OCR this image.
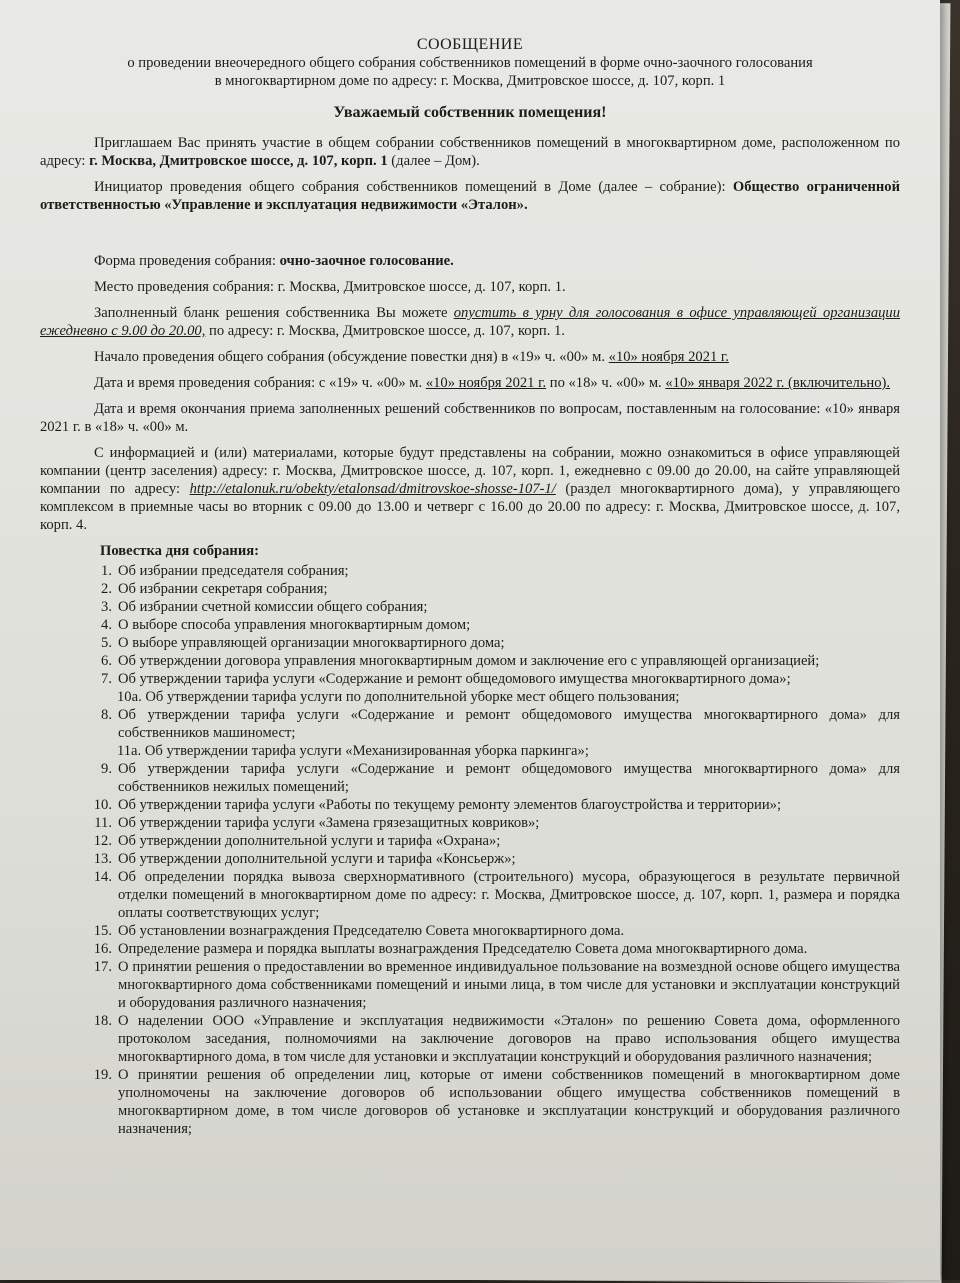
СООБЩЕНИЕ

о проведении внеочередного общего собрания собственников помещений в форме очно-заочного голосования

в многоквартирном доме по адресу: г. Москва, Дмитровское шоссе, д. 107, корп. 1

Уважаемый собственник помещения!

Приглашаем Вас принять участие в общем собрании собственников помещений в многоквартирном доме, расположенном по адресу: г. Москва, Дмитровское шоссе, д. 107, корп. 1 (далее – Дом).

Инициатор проведения общего собрания собственников помещений в Доме (далее – собрание): Общество ограниченной ответственностью «Управление и эксплуатация недвижимости «Эталон».

Форма проведения собрания: очно-заочное голосование.

Место проведения собрания: г. Москва, Дмитровское шоссе, д. 107, корп. 1.

Заполненный бланк решения собственника Вы можете опустить в урну для голосования в офисе управляющей организации ежедневно с 9.00 до 20.00, по адресу: г. Москва, Дмитровское шоссе, д. 107, корп. 1.

Начало проведения общего собрания (обсуждение повестки дня) в «19» ч. «00» м. «10» ноября 2021 г.

Дата и время проведения собрания: с «19» ч. «00» м. «10» ноября 2021 г. по «18» ч. «00» м. «10» января 2022 г. (включительно).

Дата и время окончания приема заполненных решений собственников по вопросам, поставленным на голосование: «10» января 2021 г. в «18» ч. «00» м.

С информацией и (или) материалами, которые будут представлены на собрании, можно ознакомиться в офисе управляющей компании (центр заселения) адресу: г. Москва, Дмитровское шоссе, д. 107, корп. 1, ежедневно с 09.00 до 20.00, на сайте управляющей компании по адресу: http://etalonuk.ru/obekty/etalonsad/dmitrovskoe-shosse-107-1/ (раздел многоквартирного дома), у управляющего комплексом в приемные часы во вторник с 09.00 до 13.00 и четверг с 16.00 до 20.00 по адресу: г. Москва, Дмитровское шоссе, д. 107, корп. 4.

Повестка дня собрания:
1. Об избрании председателя собрания;
2. Об избрании секретаря собрания;
3. Об избрании счетной комиссии общего собрания;
4. О выборе способа управления многоквартирным домом;
5. О выборе управляющей организации многоквартирного дома;
6. Об утверждении договора управления многоквартирным домом и заключение его с управляющей организацией;
7. Об утверждении тарифа услуги «Содержание и ремонт общедомового имущества многоквартирного дома»;
10а. Об утверждении тарифа услуги по дополнительной уборке мест общего пользования;
8. Об утверждении тарифа услуги «Содержание и ремонт общедомового имущества многоквартирного дома» для собственников машиномест;
11а. Об утверждении тарифа услуги «Механизированная уборка паркинга»;
9. Об утверждении тарифа услуги «Содержание и ремонт общедомового имущества многоквартирного дома» для собственников нежилых помещений;
10. Об утверждении тарифа услуги «Работы по текущему ремонту элементов благоустройства и территории»;
11. Об утверждении тарифа услуги «Замена грязезащитных ковриков»;
12. Об утверждении дополнительной услуги и тарифа «Охрана»;
13. Об утверждении дополнительной услуги и тарифа «Консьерж»;
14. Об определении порядка вывоза сверхнормативного (строительного) мусора, образующегося в результате первичной отделки помещений в многоквартирном доме по адресу: г. Москва, Дмитровское шоссе, д. 107, корп. 1, размера и порядка оплаты соответствующих услуг;
15. Об установлении вознаграждения Председателю Совета многоквартирного дома.
16. Определение размера и порядка выплаты вознаграждения Председателю Совета дома многоквартирного дома.
17. О принятии решения о предоставлении во временное индивидуальное пользование на возмездной основе общего имущества многоквартирного дома собственниками помещений и иными лица, в том числе для установки и эксплуатации конструкций и оборудования различного назначения;
18. О наделении ООО «Управление и эксплуатация недвижимости «Эталон» по решению Совета дома, оформленного протоколом заседания, полномочиями на заключение договоров на право использования общего имущества многоквартирного дома, в том числе для установки и эксплуатации конструкций и оборудования различного назначения;
19. О принятии решения об определении лиц, которые от имени собственников помещений в многоквартирном доме уполномочены на заключение договоров об использовании общего имущества собственников помещений в многоквартирном доме, в том числе договоров об установке и эксплуатации конструкций и оборудования различного назначения;
